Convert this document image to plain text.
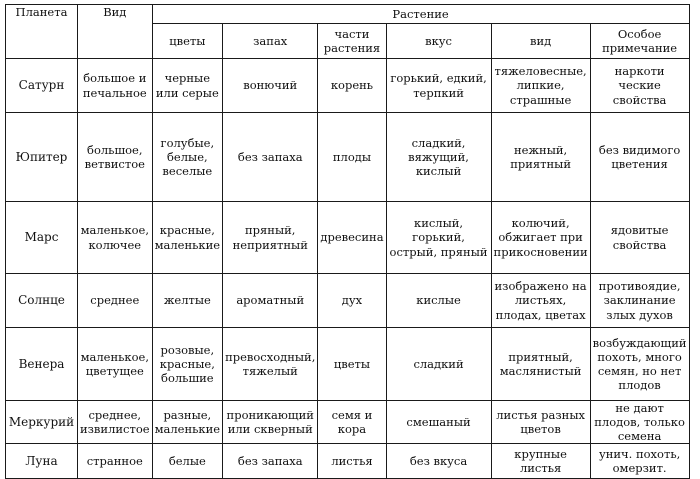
Планета	Вид	Растение					
		цветы	запах	части растения	вкус	вид	Особое примечание
Сатурн	большое и печальное	черные или серые	вонючий	корень	горький, едкий, терпкий	тяжеловесные, липкие, страшные	наркоти ческие свойства
Юпитер	большое, ветвистое	голубые, белые, веселые	без запаха	плоды	сладкий, вяжущий, кислый	нежный, приятный	без видимого цветения
Марс	маленькое, колючее	красные, маленькие	пряный, неприятный	древесина	кислый, горький, острый, пряный	колючий, обжигает при прикосновении	ядовитые свойства
Солнце	среднее	желтые	ароматный	дух	кислые	изображено на листьях, плодах, цветах	противоядие, заклинание злых духов
Венера	маленькое, цветущее	розовые, красные, большие	превосходный, тяжелый	цветы	сладкий	приятный, маслянистый	возбуждающий похоть, много семян, но нет плодов
Меркурий	среднее, извилистое	разные, маленькие	проникающий или скверный	семя и кора	смешаный	листья разных цветов	не дают плодов, только семена
Луна	странное	белые	без запаха	листья	без вкуса	крупные листья	унич. похоть, омерзит.
